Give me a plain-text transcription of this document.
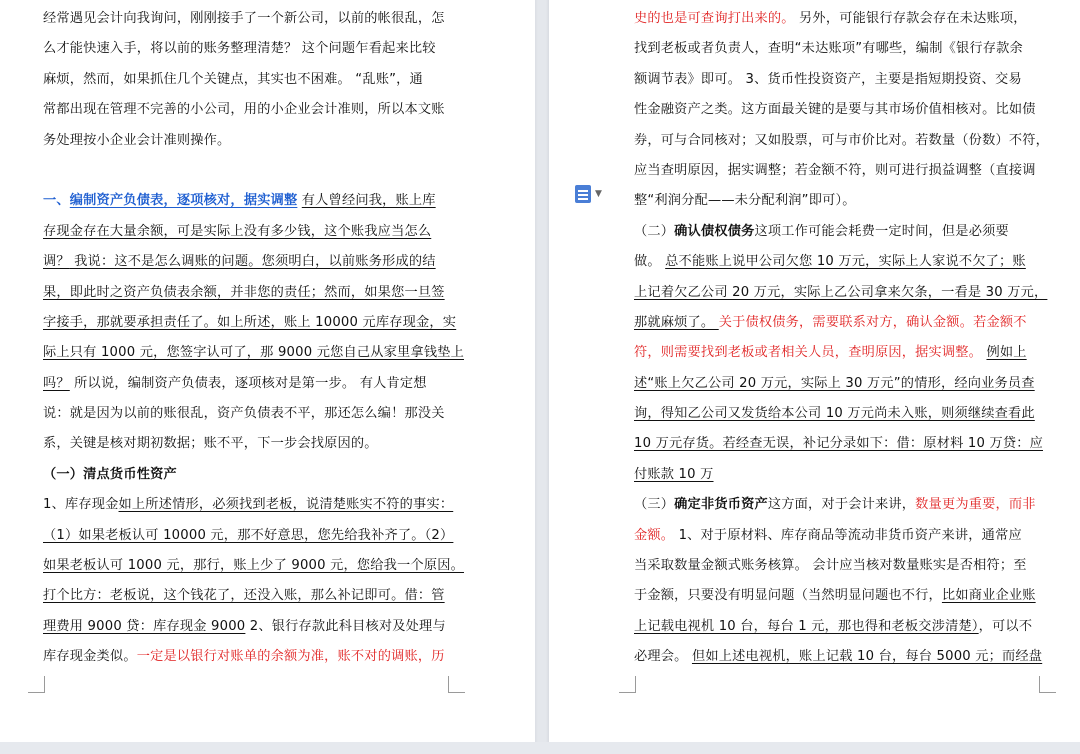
经常遇见会计向我询问，刚刚接手了一个新公司，以前的帐很乱，怎
么才能快速入手，将以前的账务整理清楚？ 这个问题乍看起来比较
麻烦，然而，如果抓住几个关键点，其实也不困难。 “乱账”，通
常都出现在管理不完善的小公司，用的小企业会计准则，所以本文账
务处理按小企业会计准则操作。
一、编制资产负债表，逐项核对，据实调整 有人曾经问我，账上库
存现金存在大量余额，可是实际上没有多少钱，这个账我应当怎么
调？ 我说：这不是怎么调账的问题。您须明白，以前账务形成的结
果，即此时之资产负债表余额，并非您的责任；然而，如果您一旦签
字接手，那就要承担责任了。如上所述，账上 10000 元库存现金，实
际上只有 1000 元，您签字认可了，那 9000 元您自己从家里拿钱垫上
吗？ 所以说，编制资产负债表，逐项核对是第一步。 有人肯定想
说：就是因为以前的账很乱，资产负债表不平，那还怎么编！那没关
系，关键是核对期初数据；账不平，下一步会找原因的。
（一）清点货币性资产
1、库存现金如上所述情形，必须找到老板，说清楚账实不符的事实：
（1）如果老板认可 10000 元，那不好意思，您先给我补齐了。（2）
如果老板认可 1000 元，那行，账上少了 9000 元，您给我一个原因。
打个比方：老板说，这个钱花了，还没入账，那么补记即可。借：管
理费用 9000 贷：库存现金 9000 2、银行存款此科目核对及处理与
库存现金类似。一定是以银行对账单的余额为准，账不对的调账，历
史的也是可查询打出来的。 另外，可能银行存款会存在未达账项，
找到老板或者负责人，查明“未达账项”有哪些，编制《银行存款余
额调节表》即可。 3、货币性投资资产，主要是指短期投资、交易
性金融资产之类。这方面最关键的是要与其市场价值相核对。比如债
券，可与合同核对；又如股票，可与市价比对。若数量（份数）不符，
应当查明原因，据实调整；若金额不符，则可进行损益调整（直接调
整“利润分配——未分配利润”即可）。
（二）确认债权债务这项工作可能会耗费一定时间，但是必须要
做。 总不能账上说甲公司欠您 10 万元，实际上人家说不欠了；账
上记着欠乙公司 20 万元，实际上乙公司拿来欠条，一看是 30 万元，
那就麻烦了。 关于债权债务，需要联系对方，确认金额。若金额不
符，则需要找到老板或者相关人员，查明原因，据实调整。 例如上
述“账上欠乙公司 20 万元，实际上 30 万元”的情形，经向业务员查
询，得知乙公司又发货给本公司 10 万元尚未入账，则须继续查看此
10 万元存货。若经查无误，补记分录如下：借：原材料 10 万贷：应
付账款 10 万
（三）确定非货币资产这方面，对于会计来讲，数量更为重要，而非
金额。 1、对于原材料、库存商品等流动非货币资产来讲，通常应
当采取数量金额式账务核算。 会计应当核对数量账实是否相符；至
于金额，只要没有明显问题（当然明显问题也不行，比如商业企业账
上记载电视机 10 台，每台 1 元，那也得和老板交涉清楚），可以不
必理会。 但如上述电视机，账上记载 10 台，每台 5000 元；而经盘
▼
